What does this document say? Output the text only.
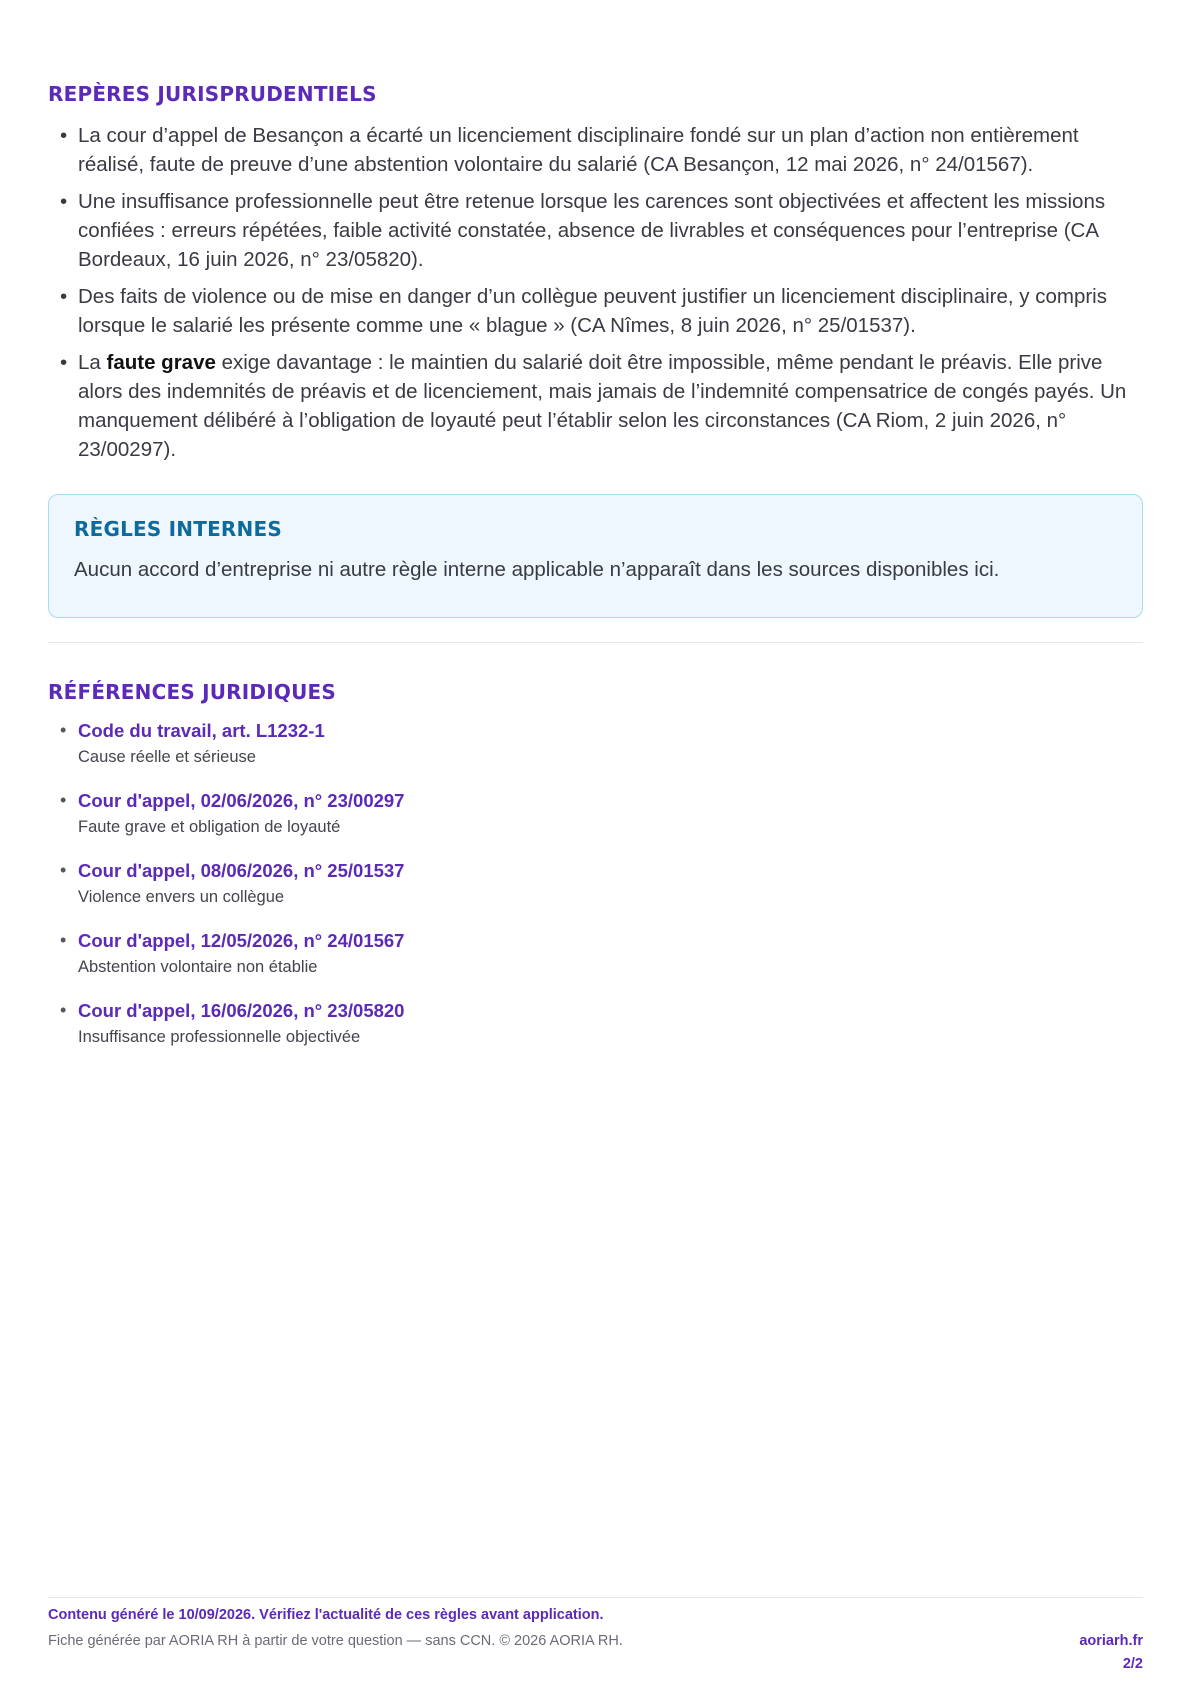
REPÈRES JURISPRUDENTIELS
• La cour d’appel de Besançon a écarté un licenciement disciplinaire fondé sur un plan d’action non entièrement réalisé, faute de preuve d’une abstention volontaire du salarié (CA Besançon, 12 mai 2026, n° 24/01567).
• Une insuffisance professionnelle peut être retenue lorsque les carences sont objectivées et affectent les missions confiées : erreurs répétées, faible activité constatée, absence de livrables et conséquences pour l’entreprise (CA Bordeaux, 16 juin 2026, n° 23/05820).
• Des faits de violence ou de mise en danger d’un collègue peuvent justifier un licenciement disciplinaire, y compris lorsque le salarié les présente comme une « blague » (CA Nîmes, 8 juin 2026, n° 25/01537).
• La faute grave exige davantage : le maintien du salarié doit être impossible, même pendant le préavis. Elle prive alors des indemnités de préavis et de licenciement, mais jamais de l’indemnité compensatrice de congés payés. Un manquement délibéré à l’obligation de loyauté peut l’établir selon les circonstances (CA Riom, 2 juin 2026, n° 23/00297).
RÈGLES INTERNES

Aucun accord d’entreprise ni autre règle interne applicable n’apparaît dans les sources disponibles ici.

RÉFÉRENCES JURIDIQUES
• Code du travail, art. L1232-1
Cause réelle et sérieuse
• Cour d'appel, 02/06/2026, n° 23/00297
Faute grave et obligation de loyauté
• Cour d'appel, 08/06/2026, n° 25/01537
Violence envers un collègue
• Cour d'appel, 12/05/2026, n° 24/01567
Abstention volontaire non établie
• Cour d'appel, 16/06/2026, n° 23/05820
Insuffisance professionnelle objectivée

Contenu généré le 10/09/2026. Vérifiez l'actualité de ces règles avant application.

Fiche générée par AORIA RH à partir de votre question — sans CCN. © 2026 AORIA RH.	aoriarh.fr

2/2
